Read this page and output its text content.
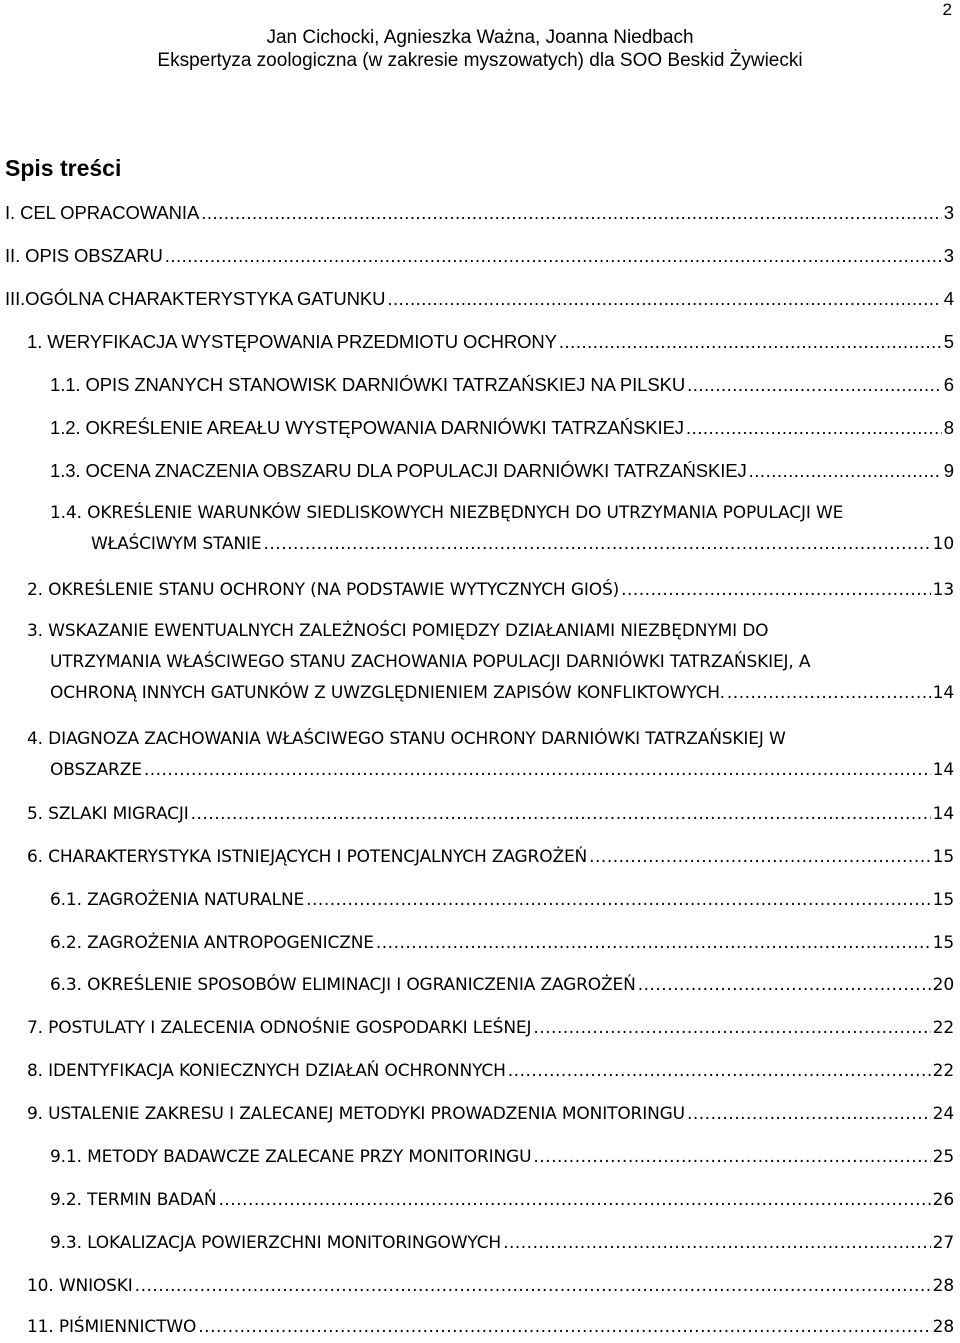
2
Jan Cichocki, Agnieszka Ważna, Joanna Niedbach
Ekspertyza zoologiczna (w zakresie myszowatych) dla SOO Beskid Żywiecki
Spis treści
I. CEL OPRACOWANIA .....	3
II. OPIS OBSZARU .....	3
III.OGÓLNA CHARAKTERYSTYKA GATUNKU .....	4
1. WERYFIKACJA WYSTĘPOWANIA PRZEDMIOTU OCHRONY .....	5
1.1. OPIS ZNANYCH STANOWISK DARNIÓWKI TATRZAŃSKIEJ NA PILSKU .....	6
1.2. OKREŚLENIE AREAŁU WYSTĘPOWANIA DARNIÓWKI TATRZAŃSKIEJ .....	8
1.3. OCENA ZNACZENIA OBSZARU DLA POPULACJI DARNIÓWKI TATRZAŃSKIEJ .....	9
1.4. OKREŚLENIE WARUNKÓW SIEDLISKOWYCH NIEZBĘDNYCH DO UTRZYMANIA POPULACJI WE
WŁAŚCIWYM STANIE .....	10
2. OKREŚLENIE STANU OCHRONY (NA PODSTAWIE WYTYCZNYCH GIOŚ) .....	13
3. WSKAZANIE EWENTUALNYCH ZALEŻNOŚCI POMIĘDZY DZIAŁANIAMI NIEZBĘDNYMI DO
UTRZYMANIA WŁAŚCIWEGO STANU ZACHOWANIA POPULACJI DARNIÓWKI TATRZAŃSKIEJ, A
OCHRONĄ INNYCH GATUNKÓW Z UWZGLĘDNIENIEM ZAPISÓW KONFLIKTOWYCH. .....	14
4. DIAGNOZA ZACHOWANIA WŁAŚCIWEGO STANU OCHRONY DARNIÓWKI TATRZAŃSKIEJ W
OBSZARZE .....	14
5. SZLAKI MIGRACJI .....	14
6. CHARAKTERYSTYKA ISTNIEJĄCYCH I POTENCJALNYCH ZAGROŻEŃ .....	15
6.1. ZAGROŻENIA NATURALNE .....	15
6.2. ZAGROŻENIA ANTROPOGENICZNE .....	15
6.3. OKREŚLENIE SPOSOBÓW ELIMINACJI I OGRANICZENIA ZAGROŻEŃ .....	20
7. POSTULATY I ZALECENIA ODNOŚNIE GOSPODARKI LEŚNEJ .....	22
8. IDENTYFIKACJA KONIECZNYCH DZIAŁAŃ OCHRONNYCH .....	22
9. USTALENIE ZAKRESU I ZALECANEJ METODYKI PROWADZENIA MONITORINGU .....	24
9.1. METODY BADAWCZE ZALECANE PRZY MONITORINGU .....	25
9.2. TERMIN BADAŃ .....	26
9.3. LOKALIZACJA POWIERZCHNI MONITORINGOWYCH .....	27
10. WNIOSKI .....	28
11. PIŚMIENNICTWO .....	28
